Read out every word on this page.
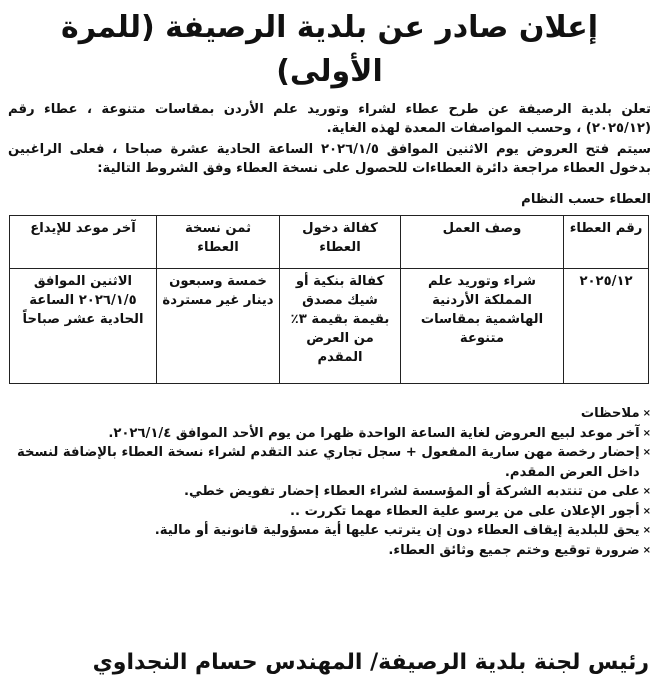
إعلان صادر عن بلدية الرصيفة (للمرة الأولى)

تعلن بلدية الرصيفة عن طرح عطاء لشراء وتوريد علم الأردن بمقاسات متنوعة ، عطاء رقم (٢٠٢٥/١٢) ، وحسب المواصفات المعدة لهذه الغاية.

سيتم فتح العروض يوم الاثنين الموافق ٢٠٢٦/١/٥ الساعة الحادية عشرة صباحا ، فعلى الراغبين بدخول العطاء مراجعة دائرة العطاءات للحصول على نسخة العطاء وفق الشروط التالية:

العطاء حسب النظام
رقم العطاء	وصف العمل	كفالة دخول العطاء	ثمن نسخة العطاء	آخر موعد للإيداع
٢٠٢٥/١٢	شراء وتوريد علم المملكة الأردنية الهاشمية بمقاسات متنوعة	كفالة بنكية أو شيك مصدق بقيمة بقيمة ٣٪ من العرض المقدم	خمسة وسبعون دينار غير مستردة	الاثنين الموافق ٢٠٢٦/١/٥ الساعة الحادية عشر صباحاً
×
ملاحظات
×
آخر موعد لبيع العروض لغاية الساعة الواحدة ظهرا من يوم الأحد الموافق ٢٠٢٦/١/٤.
×
إحضار رخصة مهن سارية المفعول + سجل تجاري عند التقدم لشراء نسخة العطاء بالإضافة لنسخة داخل العرض المقدم.
×
على من تنتدبه الشركة أو المؤسسة لشراء العطاء إحضار تفويض خطي.
×
أجور الإعلان على من يرسو علية العطاء مهما تكررت ..
×
يحق للبلدية إيقاف العطاء دون إن يترتب عليها أية مسؤولية قانونية أو مالية.
×
ضرورة توقيع وختم جميع وثائق العطاء.
رئيس لجنة بلدية الرصيفة/ المهندس حسام النجداوي
